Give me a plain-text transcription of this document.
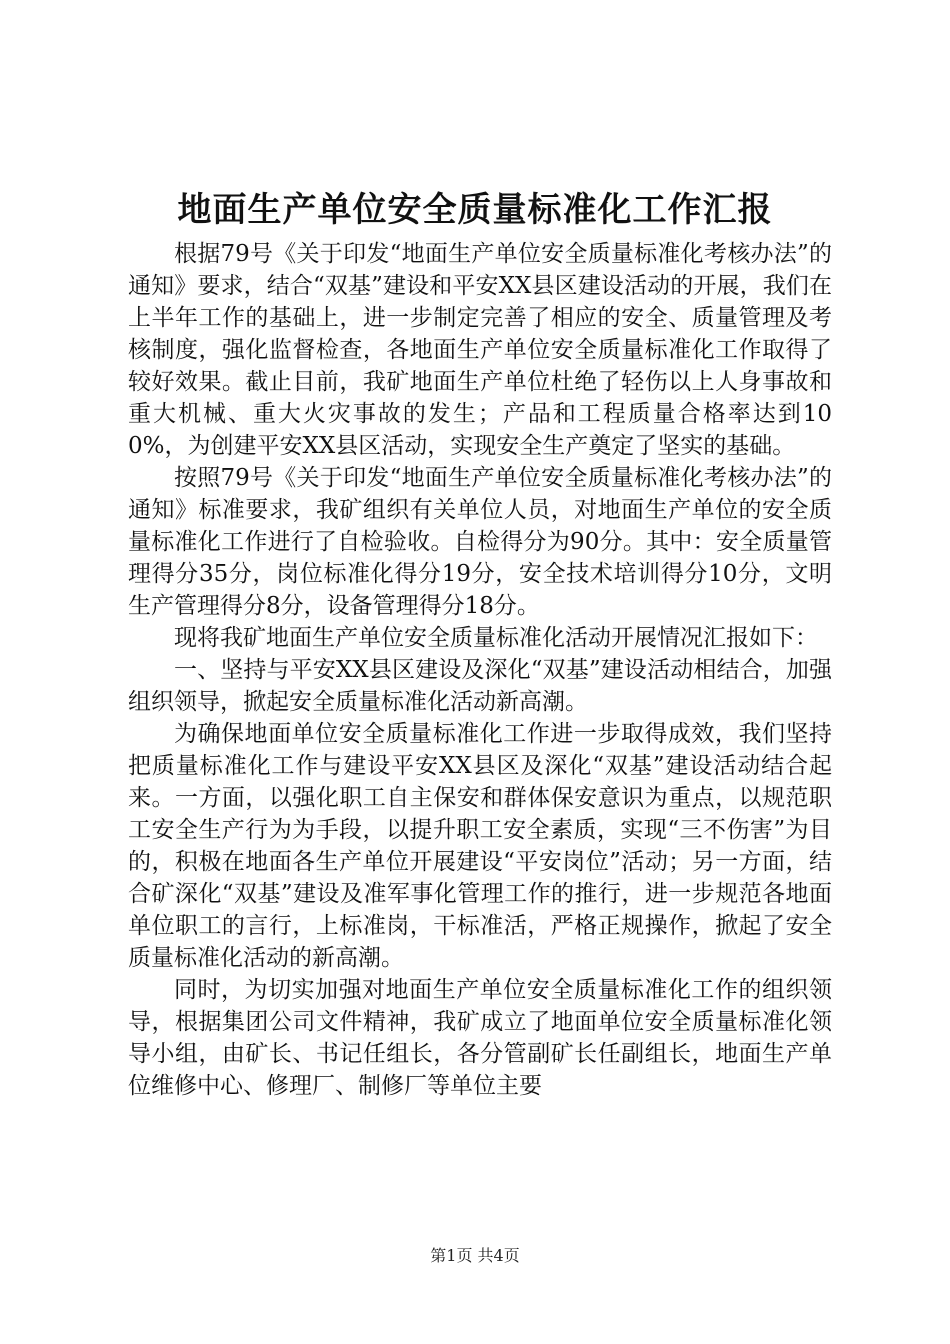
地面生产单位安全质量标准化工作汇报

根据79号《关于印发“地面生产单位安全质量标准化考核办法”的通知》要求，结合“双基”建设和平安XX县区建设活动的开展，我们在上半年工作的基础上，进一步制定完善了相应的安全、质量管理及考核制度，强化监督检查，各地面生产单位安全质量标准化工作取得了较好效果。截止目前，我矿地面生产单位杜绝了轻伤以上人身事故和重大机械、重大火灾事故的发生；产品和工程质量合格率达到100%，为创建平安XX县区活动，实现安全生产奠定了坚实的基础。

按照79号《关于印发“地面生产单位安全质量标准化考核办法”的通知》标准要求，我矿组织有关单位人员，对地面生产单位的安全质量标准化工作进行了自检验收。自检得分为90分。其中：安全质量管理得分35分，岗位标准化得分19分，安全技术培训得分10分，文明生产管理得分8分，设备管理得分18分。

现将我矿地面生产单位安全质量标准化活动开展情况汇报如下：

一、坚持与平安XX县区建设及深化“双基”建设活动相结合，加强组织领导，掀起安全质量标准化活动新高潮。

为确保地面单位安全质量标准化工作进一步取得成效，我们坚持把质量标准化工作与建设平安XX县区及深化“双基”建设活动结合起来。一方面，以强化职工自主保安和群体保安意识为重点，以规范职工安全生产行为为手段，以提升职工安全素质，实现“三不伤害”为目的，积极在地面各生产单位开展建设“平安岗位”活动；另一方面，结合矿深化“双基”建设及准军事化管理工作的推行，进一步规范各地面单位职工的言行，上标准岗，干标准活，严格正规操作，掀起了安全质量标准化活动的新高潮。

同时，为切实加强对地面生产单位安全质量标准化工作的组织领导，根据集团公司文件精神，我矿成立了地面单位安全质量标准化领导小组，由矿长、书记任组长，各分管副矿长任副组长，地面生产单位维修中心、修理厂、制修厂等单位主要

第1页 共4页
